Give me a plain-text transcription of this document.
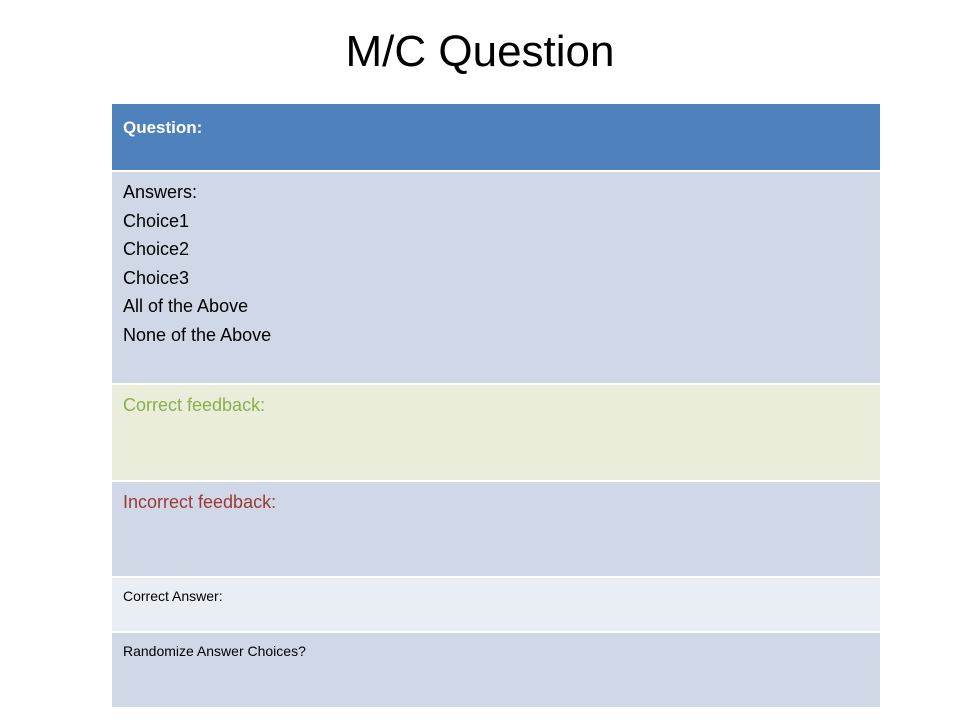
M/C Question
Question:
Answers:
Choice1
Choice2
Choice3
All of the Above
None of the Above
Correct feedback:
Incorrect feedback:
Correct Answer:
Randomize Answer Choices?
